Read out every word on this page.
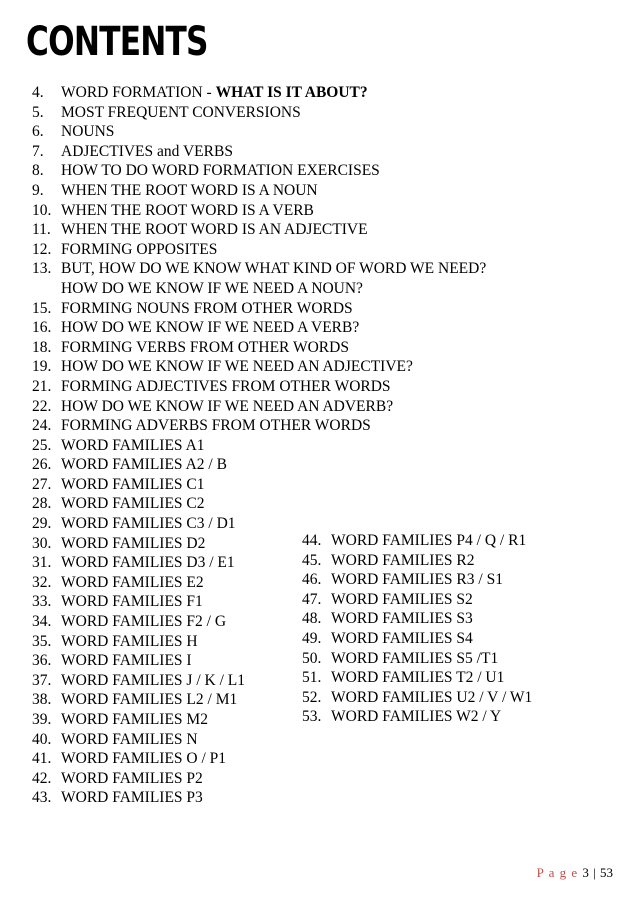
CONTENTS
4. WORD FORMATION - WHAT IS IT ABOUT?
5. MOST FREQUENT CONVERSIONS
6. NOUNS
7. ADJECTIVES and VERBS
8. HOW TO DO WORD FORMATION EXERCISES
9. WHEN THE ROOT WORD IS A NOUN
10. WHEN THE ROOT WORD IS A VERB
11. WHEN THE ROOT WORD IS AN ADJECTIVE
12. FORMING OPPOSITES
13. BUT, HOW DO WE KNOW WHAT KIND OF WORD WE NEED?
HOW DO WE KNOW IF WE NEED A NOUN?
15. FORMING NOUNS FROM OTHER WORDS
16. HOW DO WE KNOW IF WE NEED A VERB?
18. FORMING VERBS FROM OTHER WORDS
19. HOW DO WE KNOW IF WE NEED AN ADJECTIVE?
21. FORMING ADJECTIVES FROM OTHER WORDS
22. HOW DO WE KNOW IF WE NEED AN ADVERB?
24. FORMING ADVERBS FROM OTHER WORDS
25. WORD FAMILIES A1
26. WORD FAMILIES A2 / B
27. WORD FAMILIES C1
28. WORD FAMILIES C2
29. WORD FAMILIES C3 / D1
30. WORD FAMILIES D2
31. WORD FAMILIES D3 / E1
32. WORD FAMILIES E2
33. WORD FAMILIES F1
34. WORD FAMILIES F2 / G
35. WORD FAMILIES H
36. WORD FAMILIES I
37. WORD FAMILIES J / K / L1
38. WORD FAMILIES L2 / M1
39. WORD FAMILIES M2
40. WORD FAMILIES N
41. WORD FAMILIES O / P1
42. WORD FAMILIES P2
43. WORD FAMILIES P3
44. WORD FAMILIES P4 / Q / R1
45. WORD FAMILIES R2
46. WORD FAMILIES R3 / S1
47. WORD FAMILIES S2
48. WORD FAMILIES S3
49. WORD FAMILIES S4
50. WORD FAMILIES S5 /T1
51. WORD FAMILIES T2 / U1
52. WORD FAMILIES U2 / V / W1
53. WORD FAMILIES W2 / Y
P a g e 3 | 53
